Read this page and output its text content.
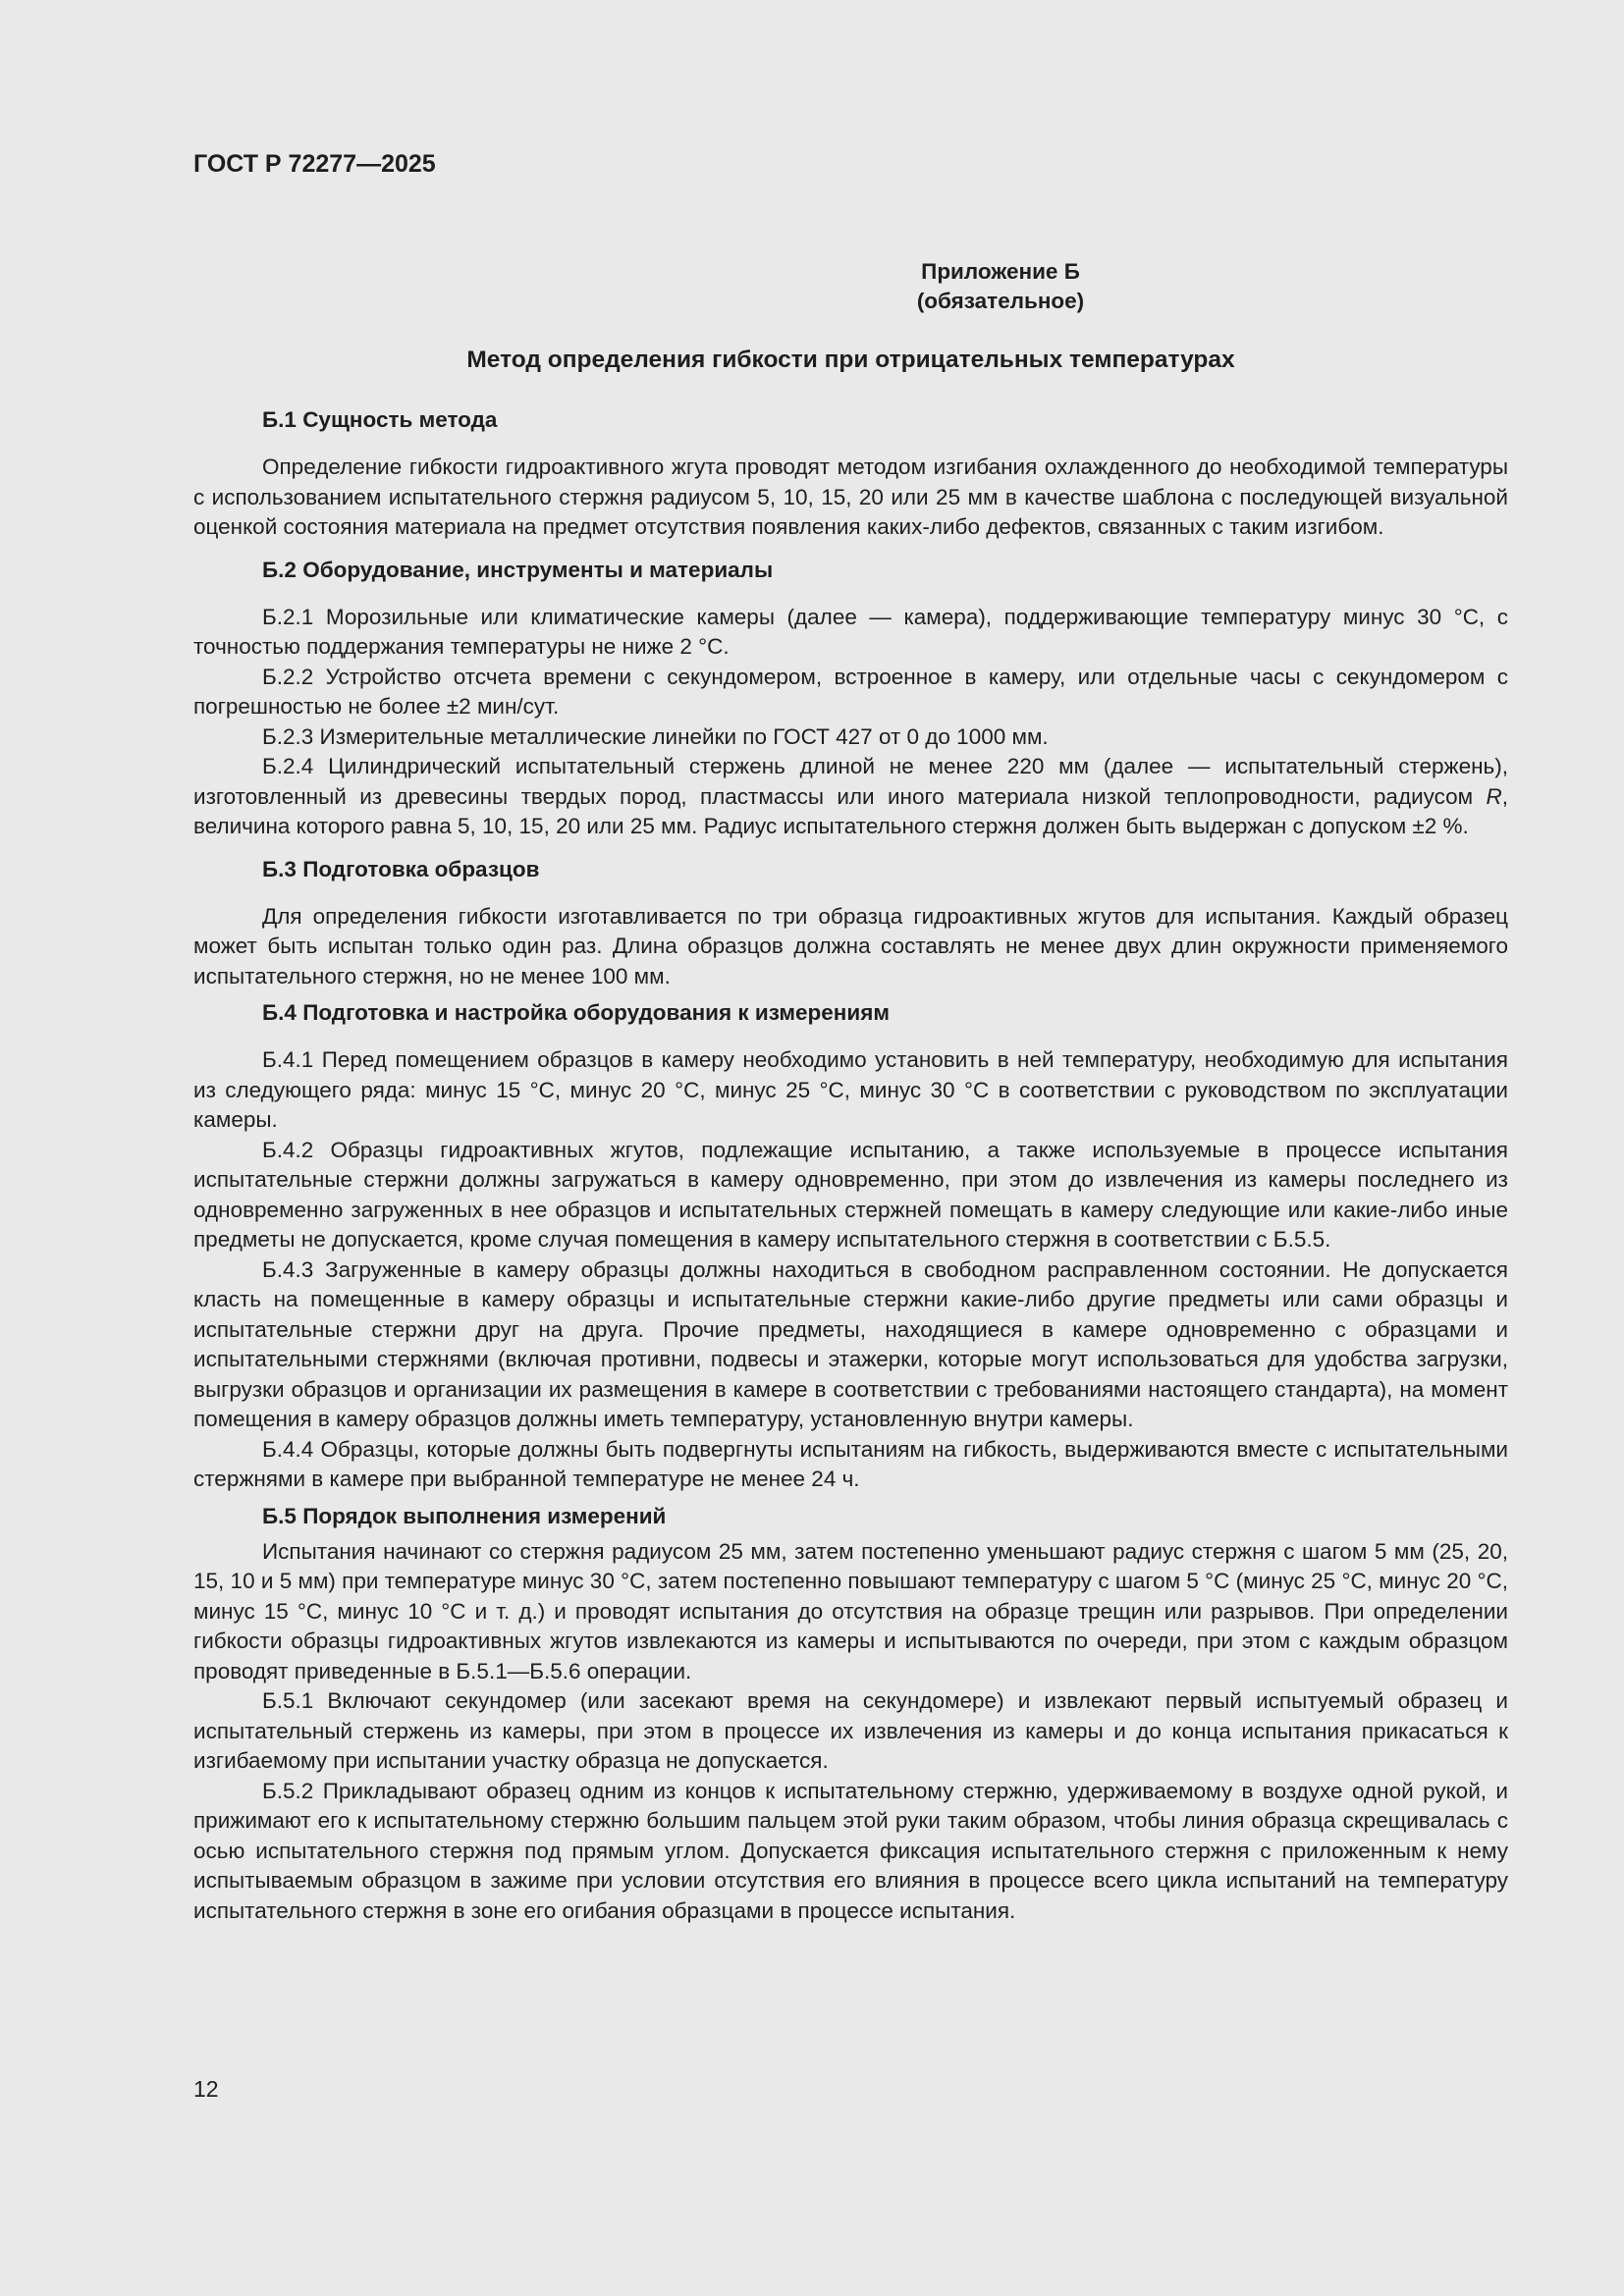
ГОСТ Р 72277—2025

Приложение Б
(обязательное)
Метод определения гибкости при отрицательных температурах
Б.1 Сущность метода

Определение гибкости гидроактивного жгута проводят методом изгибания охлажденного до необходимой температуры с использованием испытательного стержня радиусом 5, 10, 15, 20 или 25 мм в качестве шаблона с последующей визуальной оценкой состояния материала на предмет отсутствия появления каких-либо дефектов, связанных с таким изгибом.

Б.2 Оборудование, инструменты и материалы

Б.2.1 Морозильные или климатические камеры (далее — камера), поддерживающие температуру минус 30 °С, с точностью поддержания температуры не ниже 2 °С.

Б.2.2 Устройство отсчета времени с секундомером, встроенное в камеру, или отдельные часы с секундомером с погрешностью не более ±2 мин/сут.

Б.2.3 Измерительные металлические линейки по ГОСТ 427 от 0 до 1000 мм.

Б.2.4 Цилиндрический испытательный стержень длиной не менее 220 мм (далее — испытательный стержень), изготовленный из древесины твердых пород, пластмассы или иного материала низкой теплопроводности, радиусом R, величина которого равна 5, 10, 15, 20 или 25 мм. Радиус испытательного стержня должен быть выдержан с допуском ±2 %.

Б.3 Подготовка образцов

Для определения гибкости изготавливается по три образца гидроактивных жгутов для испытания. Каждый образец может быть испытан только один раз. Длина образцов должна составлять не менее двух длин окружности применяемого испытательного стержня, но не менее 100 мм.

Б.4 Подготовка и настройка оборудования к измерениям

Б.4.1 Перед помещением образцов в камеру необходимо установить в ней температуру, необходимую для испытания из следующего ряда: минус 15 °С, минус 20 °С, минус 25 °С, минус 30 °С в соответствии с руководством по эксплуатации камеры.

Б.4.2 Образцы гидроактивных жгутов, подлежащие испытанию, а также используемые в процессе испытания испытательные стержни должны загружаться в камеру одновременно, при этом до извлечения из камеры последнего из одновременно загруженных в нее образцов и испытательных стержней помещать в камеру следующие или какие-либо иные предметы не допускается, кроме случая помещения в камеру испытательного стержня в соответствии с Б.5.5.

Б.4.3 Загруженные в камеру образцы должны находиться в свободном расправленном состоянии. Не допускается класть на помещенные в камеру образцы и испытательные стержни какие-либо другие предметы или сами образцы и испытательные стержни друг на друга. Прочие предметы, находящиеся в камере одновременно с образцами и испытательными стержнями (включая противни, подвесы и этажерки, которые могут использоваться для удобства загрузки, выгрузки образцов и организации их размещения в камере в соответствии с требованиями настоящего стандарта), на момент помещения в камеру образцов должны иметь температуру, установленную внутри камеры.

Б.4.4 Образцы, которые должны быть подвергнуты испытаниям на гибкость, выдерживаются вместе с испытательными стержнями в камере при выбранной температуре не менее 24 ч.

Б.5 Порядок выполнения измерений

Испытания начинают со стержня радиусом 25 мм, затем постепенно уменьшают радиус стержня с шагом 5 мм (25, 20, 15, 10 и 5 мм) при температуре минус 30 °С, затем постепенно повышают температуру с шагом 5 °С (минус 25 °С, минус 20 °С, минус 15 °С, минус 10 °С и т. д.) и проводят испытания до отсутствия на образце трещин или разрывов. При определении гибкости образцы гидроактивных жгутов извлекаются из камеры и испытываются по очереди, при этом с каждым образцом проводят приведенные в Б.5.1—Б.5.6 операции.

Б.5.1 Включают секундомер (или засекают время на секундомере) и извлекают первый испытуемый образец и испытательный стержень из камеры, при этом в процессе их извлечения из камеры и до конца испытания прикасаться к изгибаемому при испытании участку образца не допускается.

Б.5.2 Прикладывают образец одним из концов к испытательному стержню, удерживаемому в воздухе одной рукой, и прижимают его к испытательному стержню большим пальцем этой руки таким образом, чтобы линия образца скрещивалась с осью испытательного стержня под прямым углом. Допускается фиксация испытательного стержня с приложенным к нему испытываемым образцом в зажиме при условии отсутствия его влияния в процессе всего цикла испытаний на температуру испытательного стержня в зоне его огибания образцами в процессе испытания.

12
